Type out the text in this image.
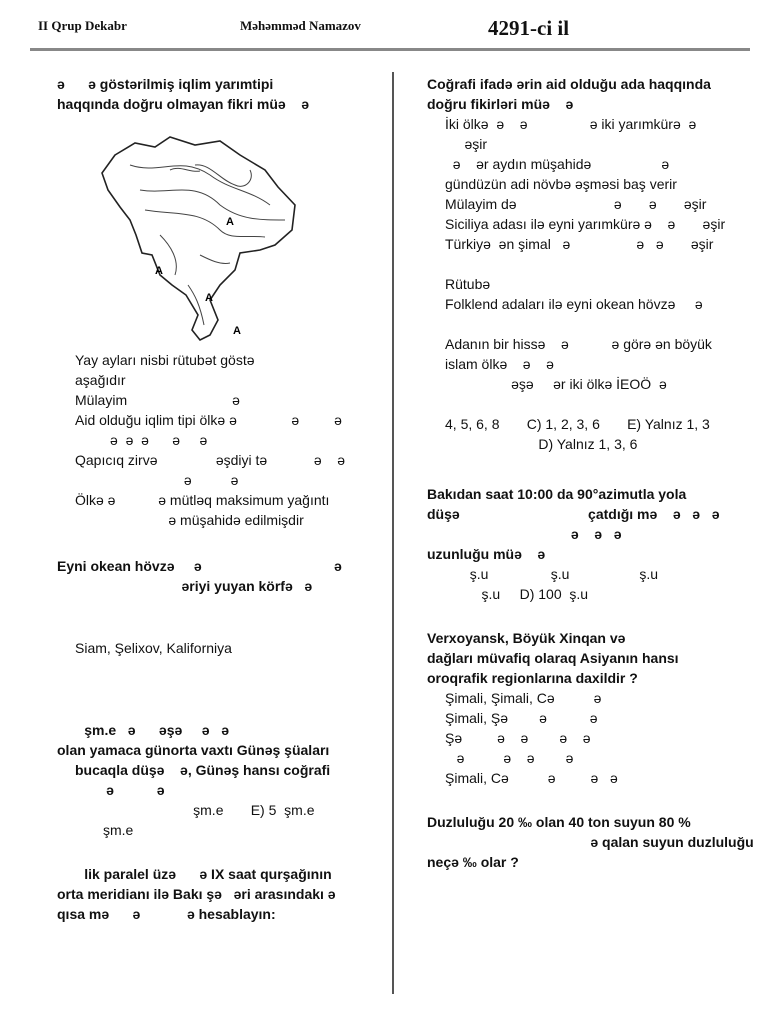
II Qrup Dekabr	Məhəmməd Namazov	4291-ci il

ə      ə göstərilmiş iqlim yarımtipi

haqqında doğru olmayan fikri müə    ə

A
A
A
A

Yay ayları nisbi rütubət göstə

aşağıdır

Mülayim                           ə

Aid olduğu iqlim tipi ölkə ə              ə         ə

ə  ə  ə      ə     ə

Qapıcıq zirvə               əşdiyi tə            ə    ə

ə          ə

Ölkə ə           ə mütləq maksimum yağıntı

ə müşahidə edilmişdir

Eyni okean hövzə     ə                                  ə

əriyi yuyan körfə   ə

Siam, Şelixov, Kaliforniya

şm.e   ə      əşə     ə   ə

olan yamaca günorta vaxtı Günəş şüaları

bucaqla düşə    ə, Günəş hansı coğrafi

ə           ə

şm.e       E) 5  şm.e

şm.e

lik paralel üzə      ə IX saat qurşağının

orta meridianı ilə Bakı şə   əri arasındakı ə

qısa mə      ə            ə hesablayın:

Coğrafi ifadə ərin aid olduğu ada haqqında

doğru fikirləri müə    ə

İki ölkə  ə    ə                ə iki yarımkürə  ə

əşir

ə    ər aydın müşahidə                  ə

gündüzün adi növbə əşməsi baş verir

Mülayim də                         ə       ə       əşir

Siciliya adası ilə eyni yarımkürə ə    ə       əşir

Türkiyə  ən şimal   ə                 ə   ə       əşir

Rütubə

Folklend adaları ilə eyni okean hövzə     ə

Adanın bir hissə    ə           ə görə ən böyük

islam ölkə    ə    ə

əşə     ər iki ölkə İEOÖ  ə

4, 5, 6, 8       C) 1, 2, 3, 6       E) Yalnız 1, 3

D) Yalnız 1, 3, 6

Bakıdan saat 10:00 da 90°azimutla yola

düşə                                 çatdığı mə    ə   ə   ə

ə    ə   ə

uzunluğu müə    ə

ş.u                ş.u                  ş.u

ş.u     D) 100  ş.u

Verxoyansk, Böyük Xinqan və

dağları müvafiq olaraq Asiyanın hansı

oroqrafik regionlarına daxildir ?

Şimali, Şimali, Cə          ə

Şimali, Şə        ə           ə

Şə         ə    ə        ə    ə

ə          ə    ə        ə

Şimali, Cə          ə         ə   ə

Duzluluğu 20 ‰ olan 40 ton suyun 80 %

ə qalan suyun duzluluğu

neçə ‰ olar ?
